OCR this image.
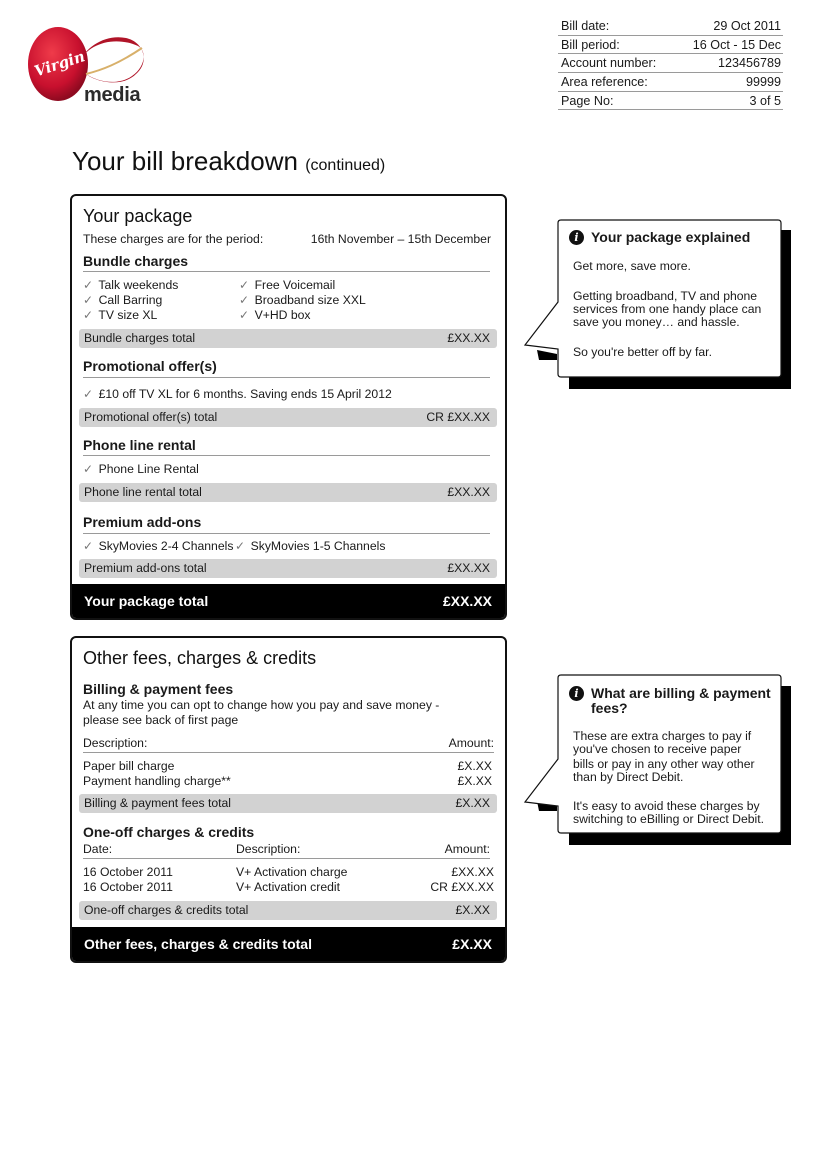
Virgin
media
Bill date:	29 Oct 2011
Bill period:	16 Oct - 15 Dec
Account number:	123456789
Area reference:	99999
Page No:	3 of 5
Your bill breakdown (continued)
Your package
These charges are for the period:	16th November – 15th December
Bundle charges
✓ Talk weekends
✓ Call Barring
✓ TV size XL
✓ Free Voicemail
✓ Broadband size XXL
✓ V+HD box
Bundle charges total	£XX.XX
Promotional offer(s)
✓ £10 off TV XL for 6 months. Saving ends 15 April 2012
Promotional offer(s) total	CR £XX.XX
Phone line rental
✓ Phone Line Rental
Phone line rental total	£XX.XX
Premium add-ons
✓ SkyMovies 2-4 Channels ✓ SkyMovies 1-5 Channels
Premium add-ons total	£XX.XX
Your package total	£XX.XX
Other fees, charges & credits
Billing & payment fees
At any time you can opt to change how you pay and save money -
please see back of first page
Description:	Amount:
Paper bill charge	£X.XX
Payment handling charge**	£X.XX
Billing & payment fees total	£X.XX
One-off charges & credits
Date:	Description:	Amount:
16 October 2011	V+ Activation charge	£XX.XX
16 October 2011	V+ Activation credit	CR £XX.XX
One-off charges & credits total	£X.XX
Other fees, charges & credits total	£X.XX
i Your package explained
Get more, save more.
Getting broadband, TV and phone
services from one handy place can
save you money… and hassle.
So you're better off by far.
i What are billing & payment
fees?
These are extra charges to pay if
you've chosen to receive paper
bills or pay in any other way other
than by Direct Debit.
It's easy to avoid these charges by
switching to eBilling or Direct Debit.
